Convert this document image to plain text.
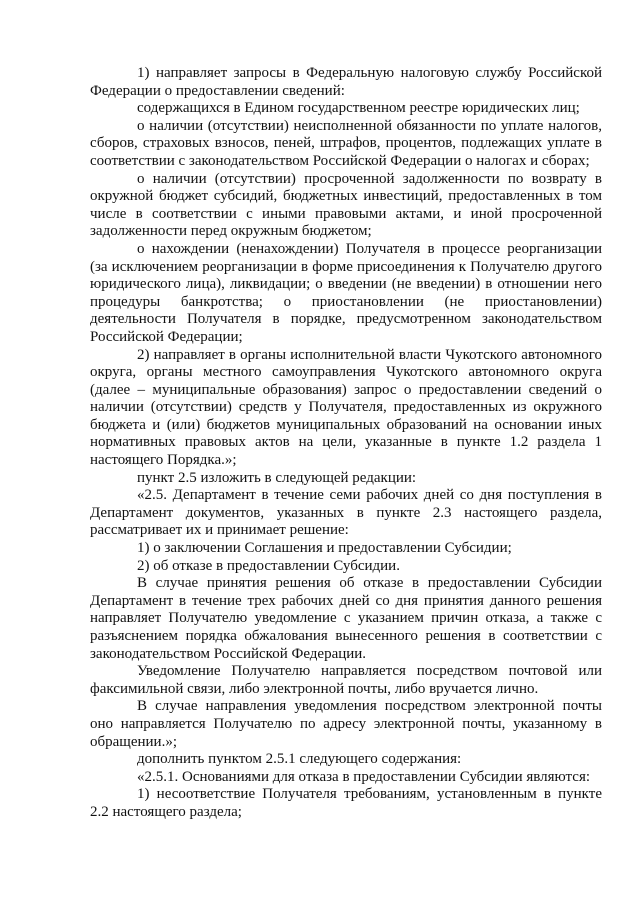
1) направляет запросы в Федеральную налоговую службу Российской Федерации о предоставлении сведений:

содержащихся в Едином государственном реестре юридических лиц;

о наличии (отсутствии) неисполненной обязанности по уплате налогов, сборов, страховых взносов, пеней, штрафов, процентов, подлежащих уплате в соответствии с законодательством Российской Федерации о налогах и сборах;

о наличии (отсутствии) просроченной задолженности по возврату в окружной бюджет субсидий, бюджетных инвестиций, предоставленных в том числе в соответствии с иными правовыми актами, и иной просроченной задолженности перед окружным бюджетом;

о нахождении (ненахождении) Получателя в процессе реорганизации (за исключением реорганизации в форме присоединения к Получателю другого юридического лица), ликвидации; о введении (не введении) в отношении него процедуры банкротства; о приостановлении (не приостановлении) деятельности Получателя в порядке, предусмотренном законодательством Российской Федерации;

2) направляет в органы исполнительной власти Чукотского автономного округа, органы местного самоуправления Чукотского автономного округа (далее – муниципальные образования) запрос о предоставлении сведений о наличии (отсутствии) средств у Получателя, предоставленных из окружного бюджета и (или) бюджетов муниципальных образований на основании иных нормативных правовых актов на цели, указанные в пункте 1.2 раздела 1 настоящего Порядка.»;

пункт 2.5 изложить в следующей редакции:

«2.5. Департамент в течение семи рабочих дней со дня поступления в Департамент документов, указанных в пункте 2.3 настоящего раздела, рассматривает их и принимает решение:

1) о заключении Соглашения и предоставлении Субсидии;

2) об отказе в предоставлении Субсидии.

В случае принятия решения об отказе в предоставлении Субсидии Департамент в течение трех рабочих дней со дня принятия данного решения направляет Получателю уведомление с указанием причин отказа, а также с разъяснением порядка обжалования вынесенного решения в соответствии с законодательством Российской Федерации.

Уведомление Получателю направляется посредством почтовой или факсимильной связи, либо электронной почты, либо вручается лично.

В случае направления уведомления посредством электронной почты оно направляется Получателю по адресу электронной почты, указанному в обращении.»;

дополнить пунктом 2.5.1 следующего содержания:

«2.5.1. Основаниями для отказа в предоставлении Субсидии являются:

1) несоответствие Получателя требованиям, установленным в пункте 2.2 настоящего раздела;
